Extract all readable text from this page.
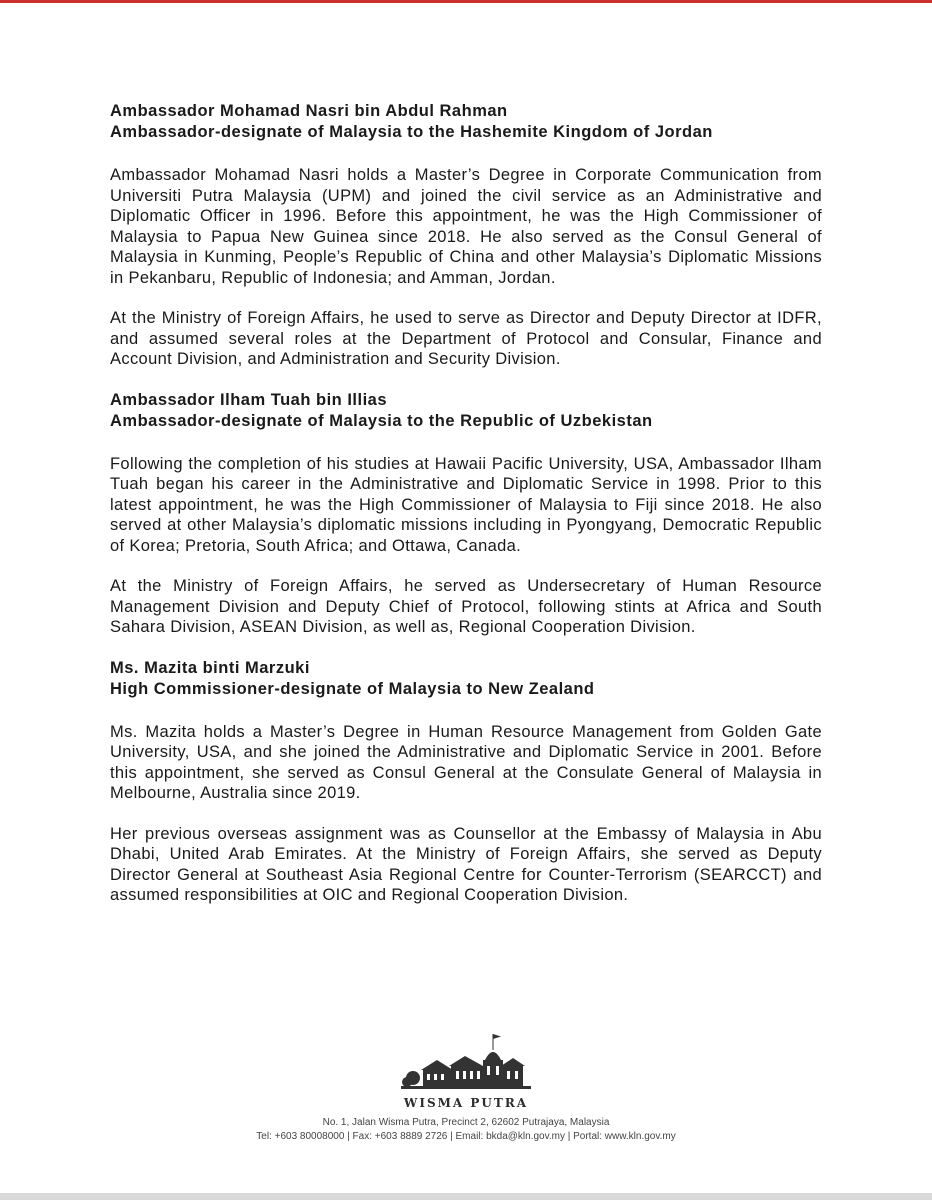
Ambassador Mohamad Nasri bin Abdul Rahman

Ambassador-designate of Malaysia to the Hashemite Kingdom of Jordan

Ambassador Mohamad Nasri holds a Master’s Degree in Corporate Communication from Universiti Putra Malaysia (UPM) and joined the civil service as an Administrative and Diplomatic Officer in 1996. Before this appointment, he was the High Commissioner of Malaysia to Papua New Guinea since 2018. He also served as the Consul General of Malaysia in Kunming, People’s Republic of China and other Malaysia’s Diplomatic Missions in Pekanbaru, Republic of Indonesia; and Amman, Jordan.

At the Ministry of Foreign Affairs, he used to serve as Director and Deputy Director at IDFR, and assumed several roles at the Department of Protocol and Consular, Finance and Account Division, and Administration and Security Division.

Ambassador Ilham Tuah bin Illias

Ambassador-designate of Malaysia to the Republic of Uzbekistan

Following the completion of his studies at Hawaii Pacific University, USA, Ambassador Ilham Tuah began his career in the Administrative and Diplomatic Service in 1998. Prior to this latest appointment, he was the High Commissioner of Malaysia to Fiji since 2018. He also served at other Malaysia’s diplomatic missions including in Pyongyang, Democratic Republic of Korea; Pretoria, South Africa; and Ottawa, Canada.

At the Ministry of Foreign Affairs, he served as Undersecretary of Human Resource Management Division and Deputy Chief of Protocol, following stints at Africa and South Sahara Division, ASEAN Division, as well as, Regional Cooperation Division.

Ms. Mazita binti Marzuki

High Commissioner-designate of Malaysia to New Zealand

Ms. Mazita holds a Master’s Degree in Human Resource Management from Golden Gate University, USA, and she joined the Administrative and Diplomatic Service in 2001. Before this appointment, she served as Consul General at the Consulate General of Malaysia in Melbourne, Australia since 2019.

Her previous overseas assignment was as Counsellor at the Embassy of Malaysia in Abu Dhabi, United Arab Emirates. At the Ministry of Foreign Affairs, she served as Deputy Director General at Southeast Asia Regional Centre for Counter-Terrorism (SEARCCT) and assumed responsibilities at OIC and Regional Cooperation Division.

WISMA PUTRA
No. 1, Jalan Wisma Putra, Precinct 2, 62602 Putrajaya, Malaysia
Tel: +603 80008000 | Fax: +603 8889 2726 | Email: bkda@kln.gov.my | Portal: www.kln.gov.my
